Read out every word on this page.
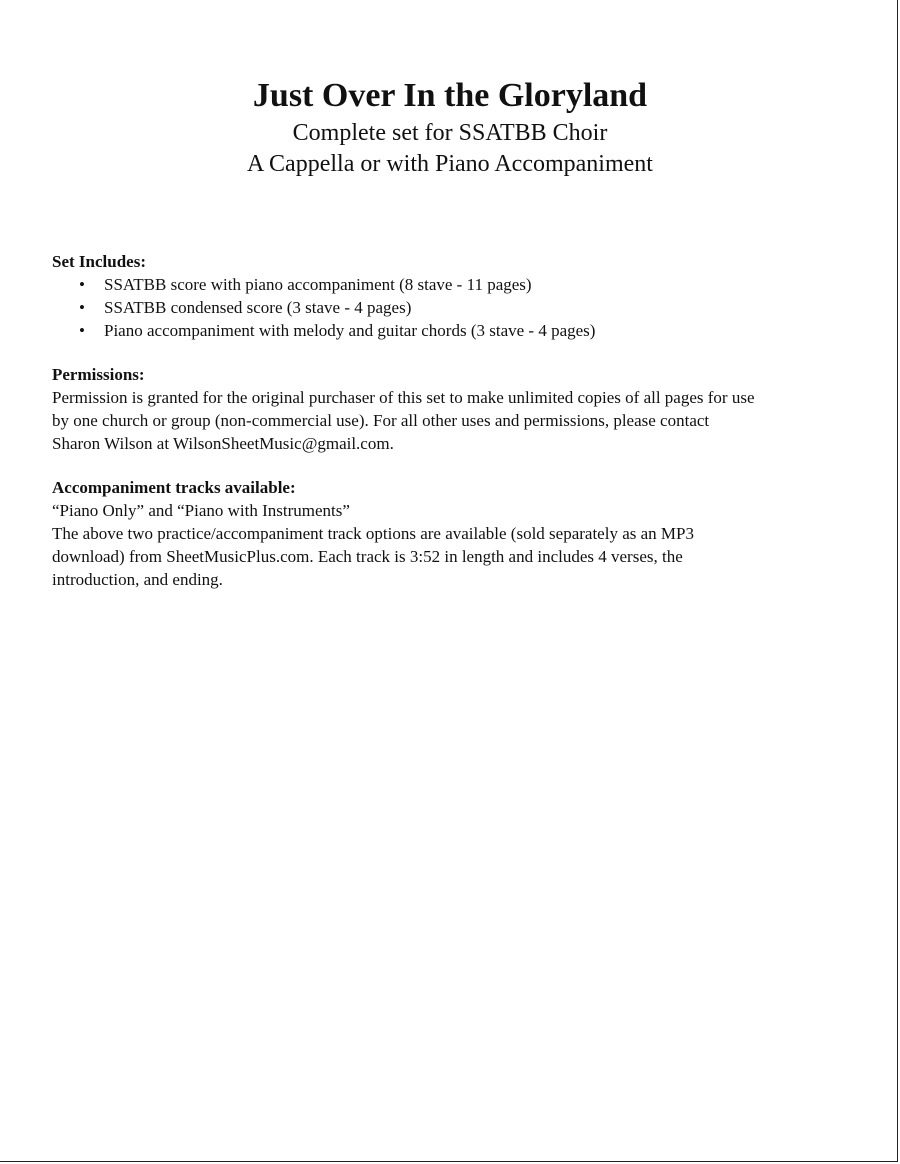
Just Over In the Gloryland
Complete set for SSATBB Choir
A Cappella or with Piano Accompaniment
Set Includes:
• SSATBB score with piano accompaniment (8 stave - 11 pages)
• SSATBB condensed score (3 stave - 4 pages)
• Piano accompaniment with melody and guitar chords (3 stave - 4 pages)
Permissions:

Permission is granted for the original purchaser of this set to make unlimited copies of all pages for use

by one church or group (non-commercial use). For all other uses and permissions, please contact

Sharon Wilson at WilsonSheetMusic@gmail.com.

Accompaniment tracks available:

“Piano Only” and “Piano with Instruments”

The above two practice/accompaniment track options are available (sold separately as an MP3

download) from SheetMusicPlus.com. Each track is 3:52 in length and includes 4 verses, the

introduction, and ending.
